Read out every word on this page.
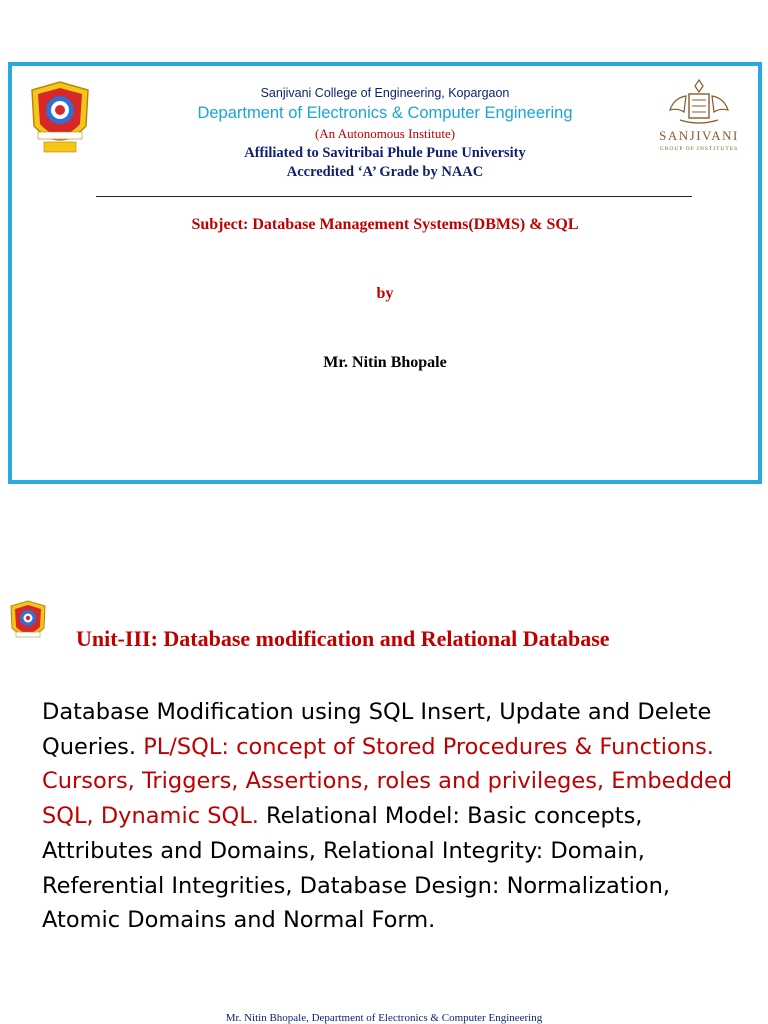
SANJIVANI
GROUP OF INSTITUTES
Sanjivani College of Engineering, Kopargaon
Department of Electronics & Computer Engineering
(An Autonomous Institute)
Affiliated to Savitribai Phule Pune University
Accredited ‘A’ Grade by NAAC
Subject: Database Management Systems(DBMS) & SQL
by
Mr. Nitin Bhopale
Unit-III: Database modification and Relational Database
Database Modification using SQL Insert, Update and Delete Queries. PL/SQL: concept of Stored Procedures & Functions. Cursors, Triggers, Assertions, roles and privileges, Embedded SQL, Dynamic SQL. Relational Model: Basic concepts, Attributes and Domains, Relational Integrity: Domain, Referential Integrities, Database Design: Normalization, Atomic Domains and Normal Form.
Mr. Nitin Bhopale, Department of Electronics & Computer Engineering
